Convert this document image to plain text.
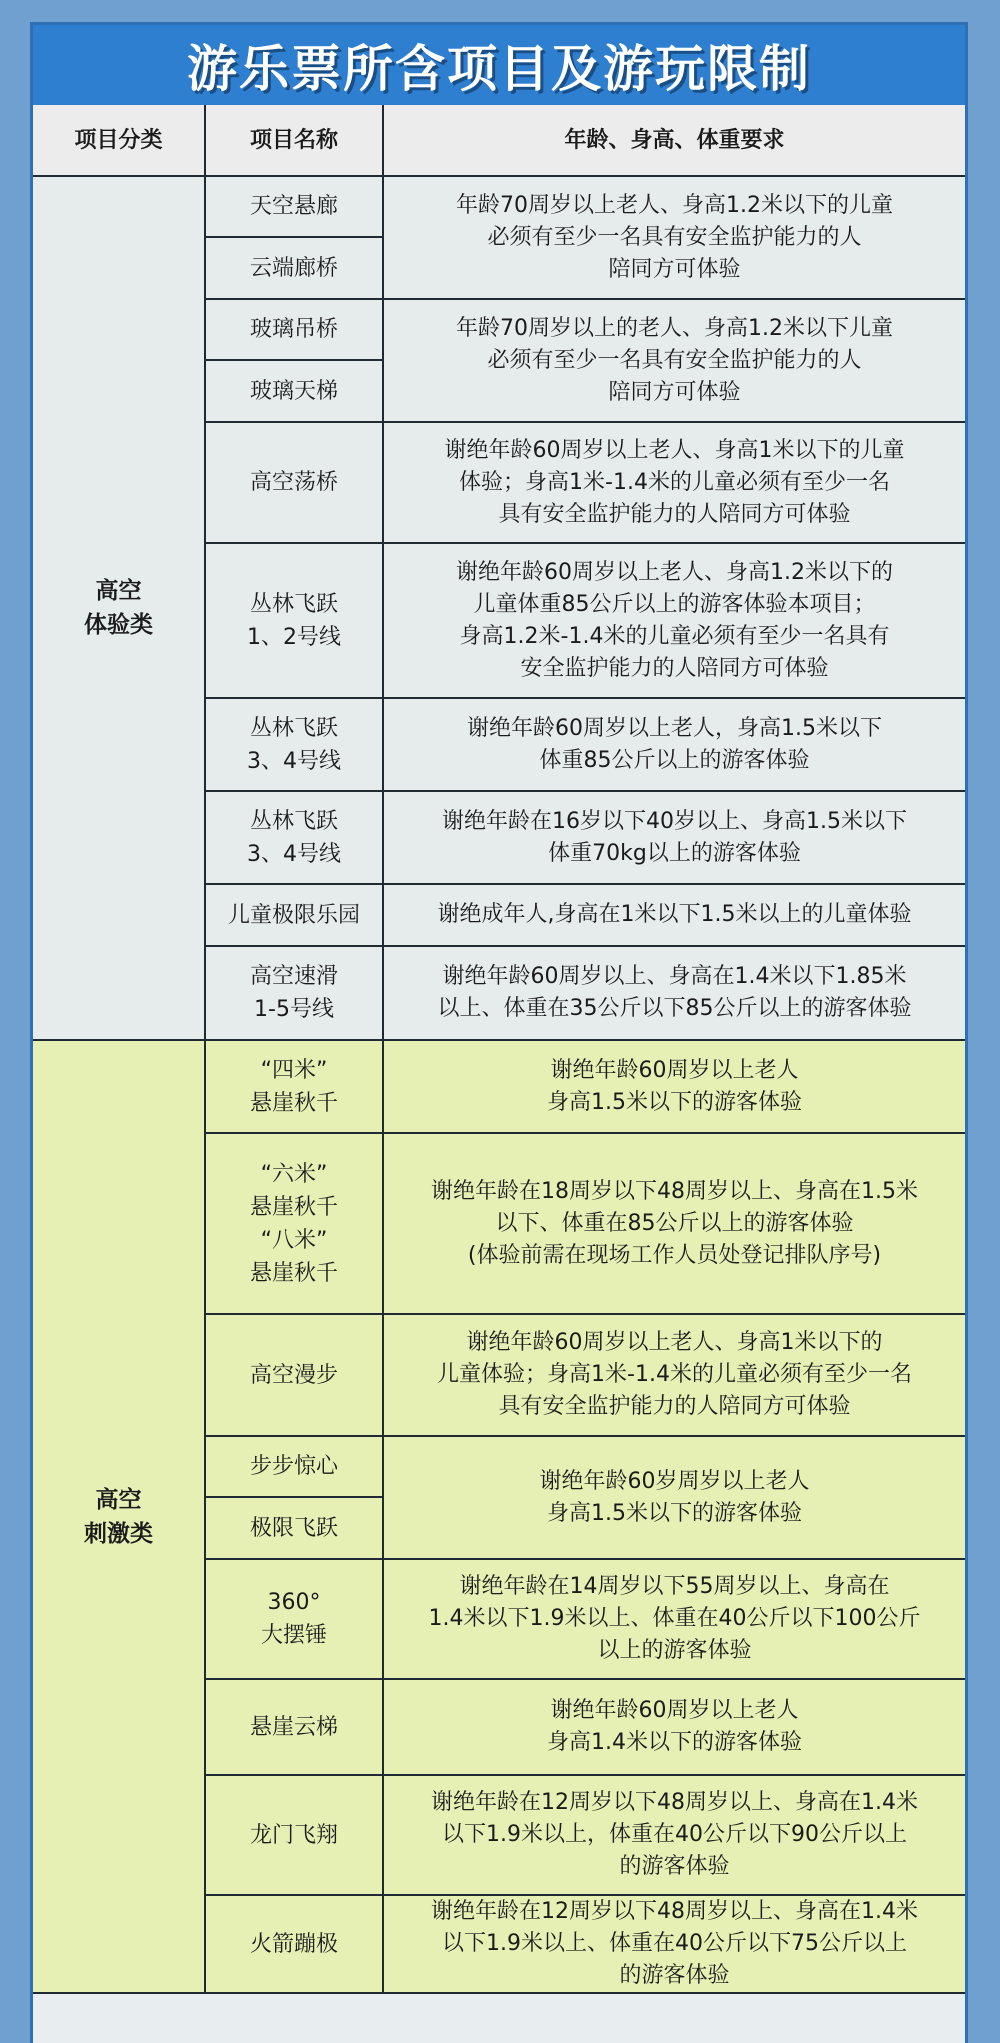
游乐票所含项目及游玩限制
项目分类	项目名称	年龄、身高、体重要求
高空
体验类
高空
刺激类
天空悬廊
云端廊桥
玻璃吊桥
玻璃天梯
高空荡桥
丛林飞跃
1、2号线
丛林飞跃
3、4号线
丛林飞跃
3、4号线
儿童极限乐园
高空速滑
1-5号线
“四米”
悬崖秋千
“六米”
悬崖秋千
“八米”
悬崖秋千
高空漫步
步步惊心
极限飞跃
360°
大摆锤
悬崖云梯
龙门飞翔
火箭蹦极
年龄70周岁以上老人、身高1.2米以下的儿童
必须有至少一名具有安全监护能力的人
陪同方可体验
年龄70周岁以上的老人、身高1.2米以下儿童
必须有至少一名具有安全监护能力的人
陪同方可体验
谢绝年龄60周岁以上老人、身高1米以下的儿童
体验；身高1米-1.4米的儿童必须有至少一名
具有安全监护能力的人陪同方可体验
谢绝年龄60周岁以上老人、身高1.2米以下的
儿童体重85公斤以上的游客体验本项目；
身高1.2米-1.4米的儿童必须有至少一名具有
安全监护能力的人陪同方可体验
谢绝年龄60周岁以上老人，身高1.5米以下
体重85公斤以上的游客体验
谢绝年龄在16岁以下40岁以上、身高1.5米以下
体重70kg以上的游客体验
谢绝成年人,身高在1米以下1.5米以上的儿童体验
谢绝年龄60周岁以上、身高在1.4米以下1.85米
以上、体重在35公斤以下85公斤以上的游客体验
谢绝年龄60周岁以上老人
身高1.5米以下的游客体验
谢绝年龄在18周岁以下48周岁以上、身高在1.5米
以下、体重在85公斤以上的游客体验
(体验前需在现场工作人员处登记排队序号)
谢绝年龄60周岁以上老人、身高1米以下的
儿童体验；身高1米-1.4米的儿童必须有至少一名
具有安全监护能力的人陪同方可体验
谢绝年龄60岁周岁以上老人
身高1.5米以下的游客体验
谢绝年龄在14周岁以下55周岁以上、身高在
1.4米以下1.9米以上、体重在40公斤以下100公斤
以上的游客体验
谢绝年龄60周岁以上老人
身高1.4米以下的游客体验
谢绝年龄在12周岁以下48周岁以上、身高在1.4米
以下1.9米以上，体重在40公斤以下90公斤以上
的游客体验
谢绝年龄在12周岁以下48周岁以上、身高在1.4米
以下1.9米以上、体重在40公斤以下75公斤以上
的游客体验
